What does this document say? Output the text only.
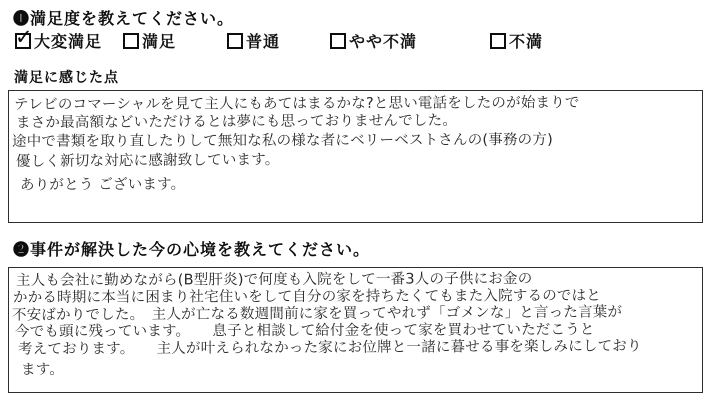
❶満足度を教えてください。
✓ 大変満足 満足	普通	やや不満	不満
満足に感じた点
テレビのコマーシャルを見て主人にもあてはまるかな?と思い電話をしたのが始まりで
まさか最高額などいただけるとは夢にも思っておりませんでした。
途中で書類を取り直したりして無知な私の様な者にベリーベストさんの(事務の方)
優しく新切な対応に感謝致しています。
ありがとう ございます。
❷事件が解決した今の心境を教えてください。
主人も会社に勤めながら(B型肝炎)で何度も入院をして一番3人の子供にお金の
かかる時期に本当に困まり社宅住いをして自分の家を持ちたくてもまた入院するのではと
不安ばかりでした。　主人が亡なる数週間前に家を買ってやれず「ゴメンな」と言った言葉が
今でも頭に残っています。　　息子と相談して給付金を使って家を買わせていただこうと
考えております。　　主人が叶えられなかった家にお位牌と一諸に暮せる事を楽しみにしており
ます。
